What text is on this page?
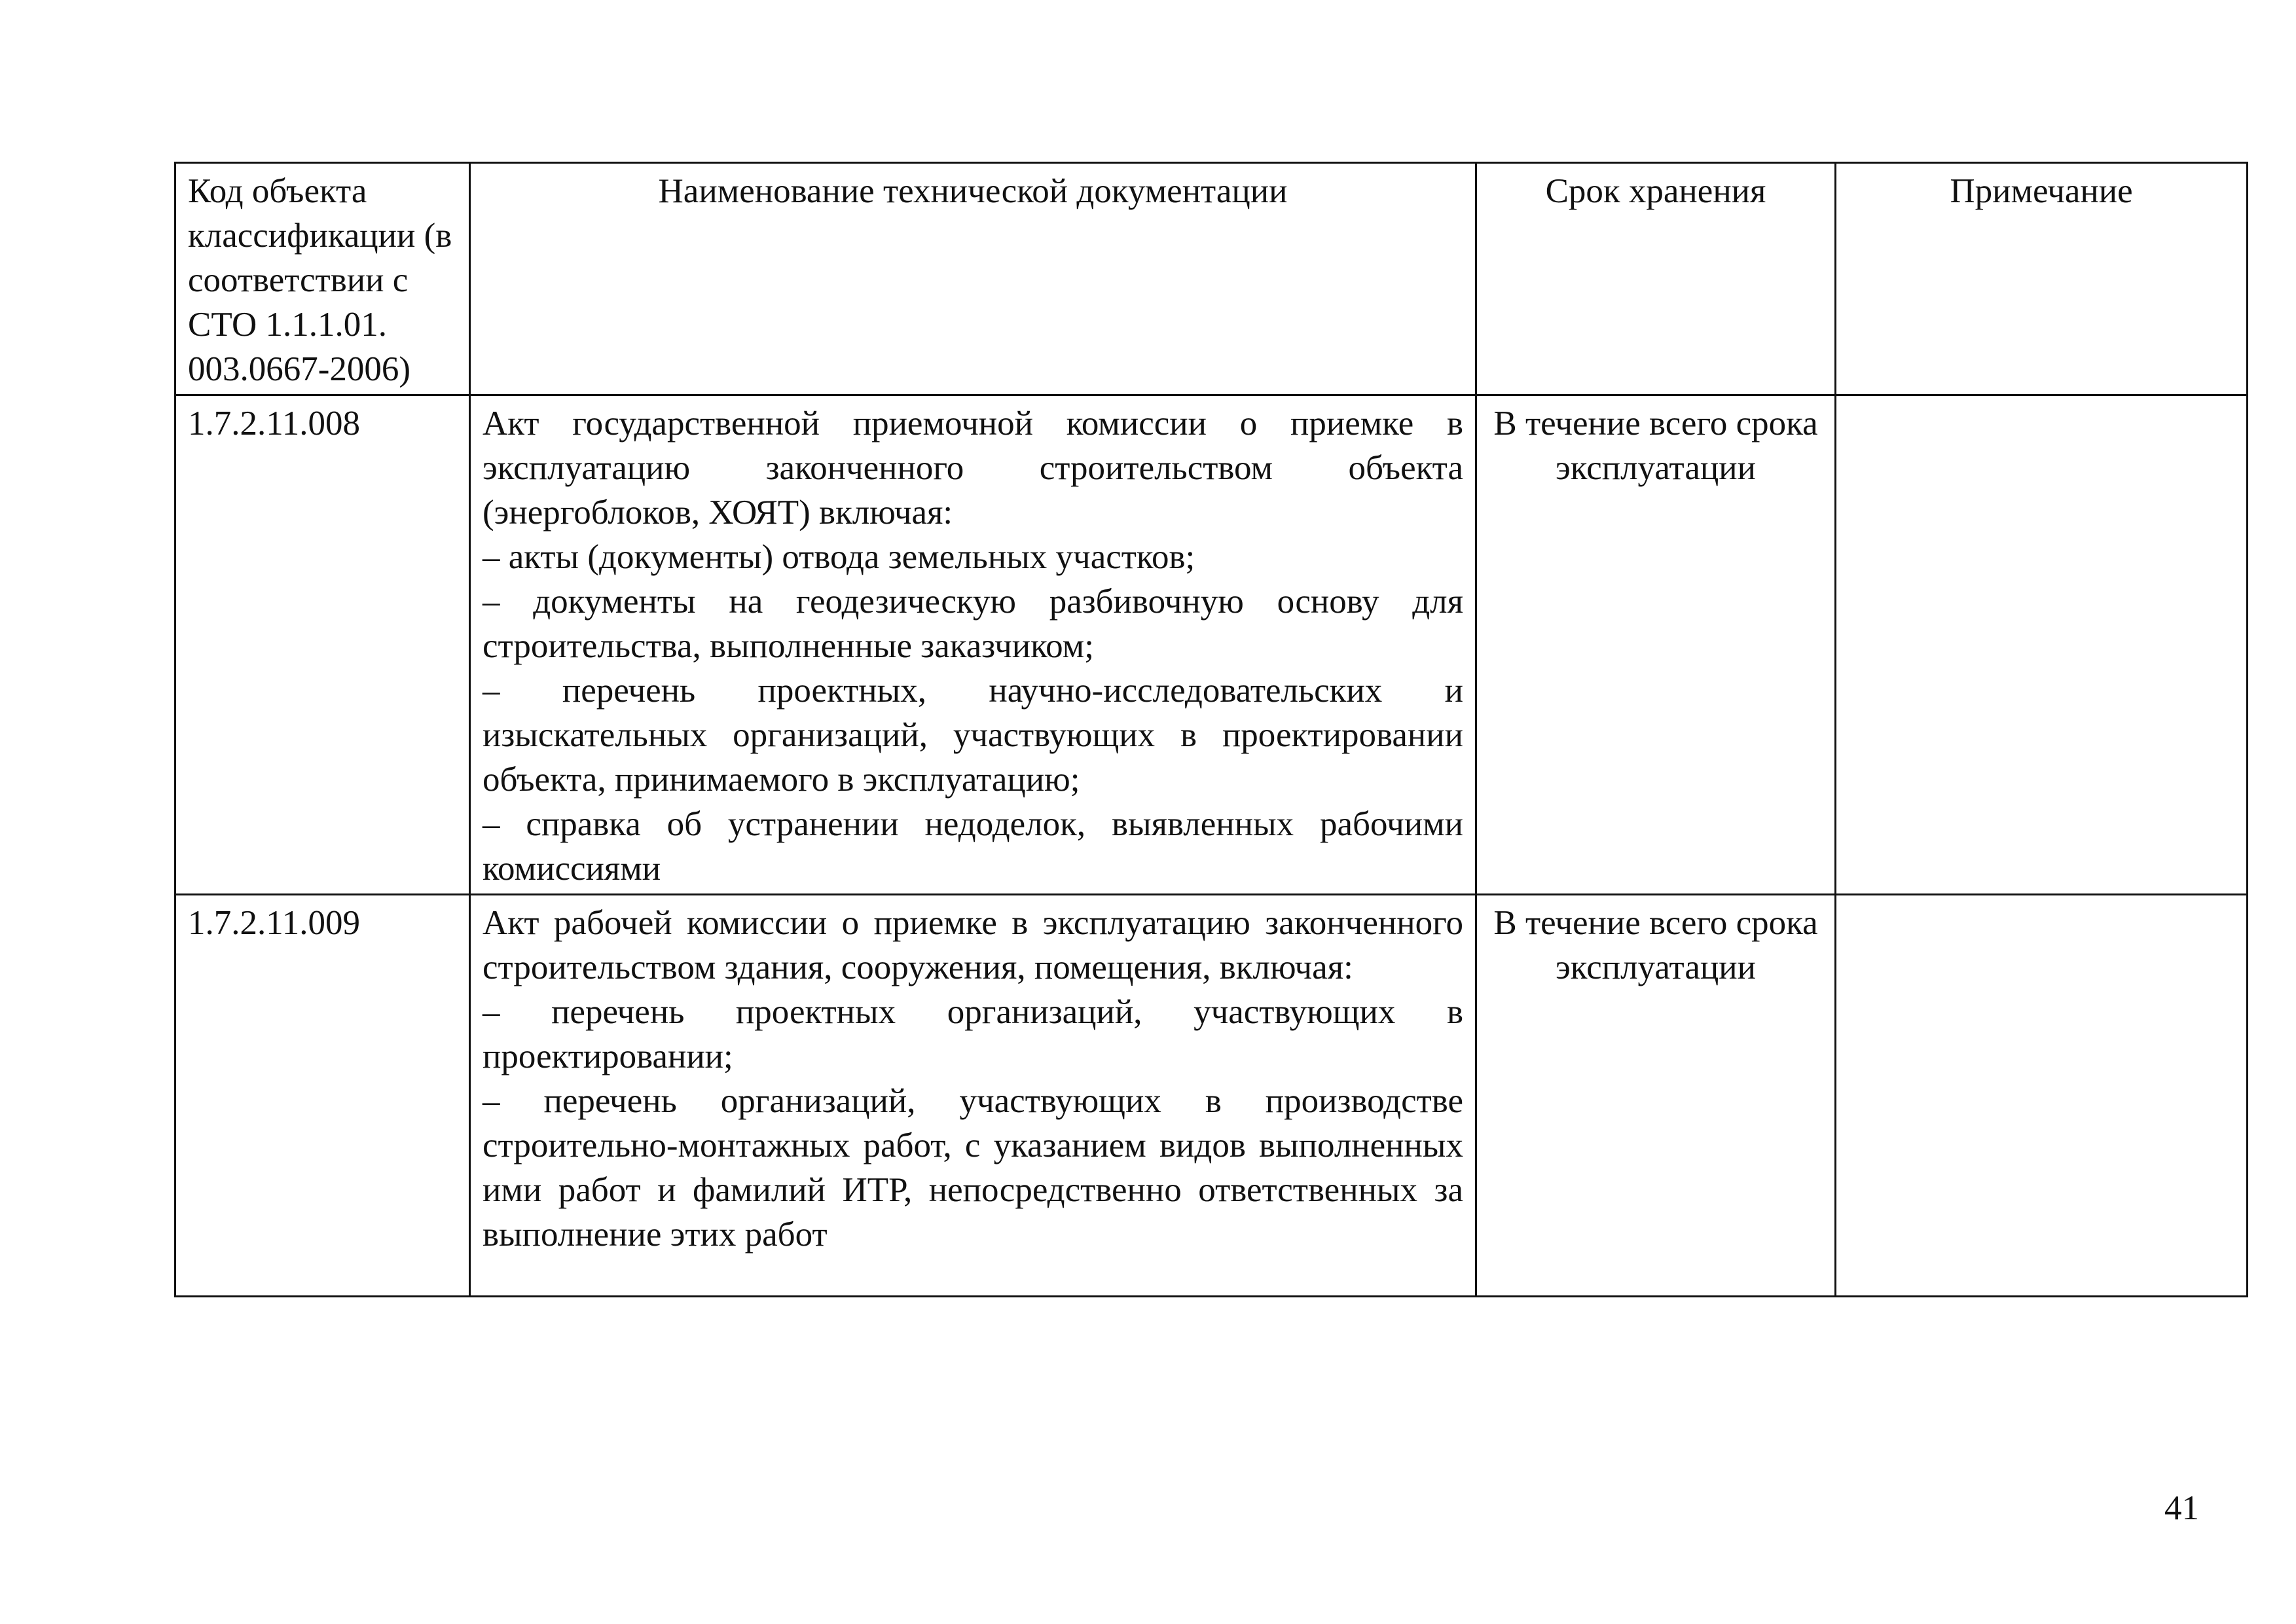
Код объекта классификации (в соответствии с СТО 1.1.1.01. 003.0667-2006)	Наименование технической документации	Срок хранения	Примечание
1.7.2.11.008	Акт государственной приемочной комиссии о приемке в эксплуатацию законченного строительством объекта (энергоблоков, ХОЯТ) включая:

– акты (документы) отвода земельных участков;

– документы на геодезическую разбивочную основу для строительства, выполненные заказчиком;

– перечень проектных, научно-исследовательских и изыскательных организаций, участвующих в проектировании объекта, принимаемого в эксплуатацию;

– справка об устранении недоделок, выявленных рабочими комиссиями	В течение всего срока эксплуатации	
1.7.2.11.009	Акт рабочей комиссии о приемке в эксплуатацию законченного строительством здания, сооружения, помещения, включая:

– перечень проектных организаций, участвующих в проектировании;

– перечень организаций, участвующих в производстве строительно-монтажных работ, с указанием видов выполненных ими работ и фамилий ИТР, непосредственно ответственных за выполнение этих работ	В течение всего срока эксплуатации	
41
